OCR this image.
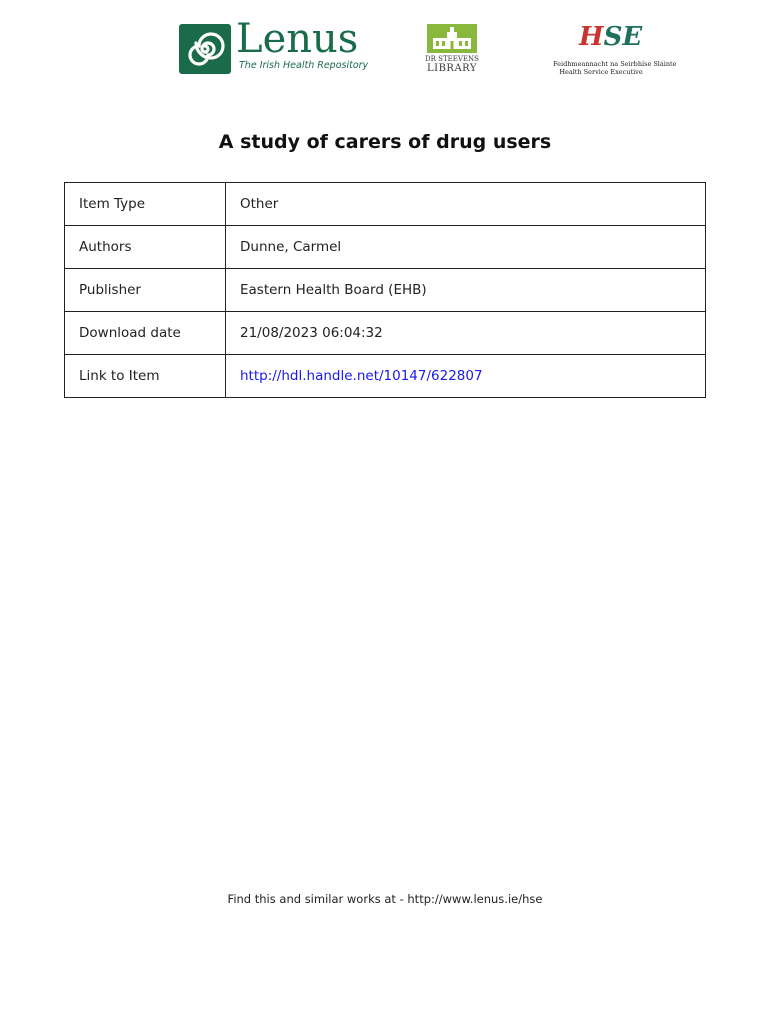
Lenus
The Irish Health Repository
DR STEEVENS
LIBRARY
HSE
Feidhmeannacht na Seirbhíse Sláinte
Health Service Executive
A study of carers of drug users
Item Type	Other
Authors	Dunne, Carmel
Publisher	Eastern Health Board (EHB)
Download date	21/08/2023 06:04:32
Link to Item	http://hdl.handle.net/10147/622807
Find this and similar works at - http://www.lenus.ie/hse
